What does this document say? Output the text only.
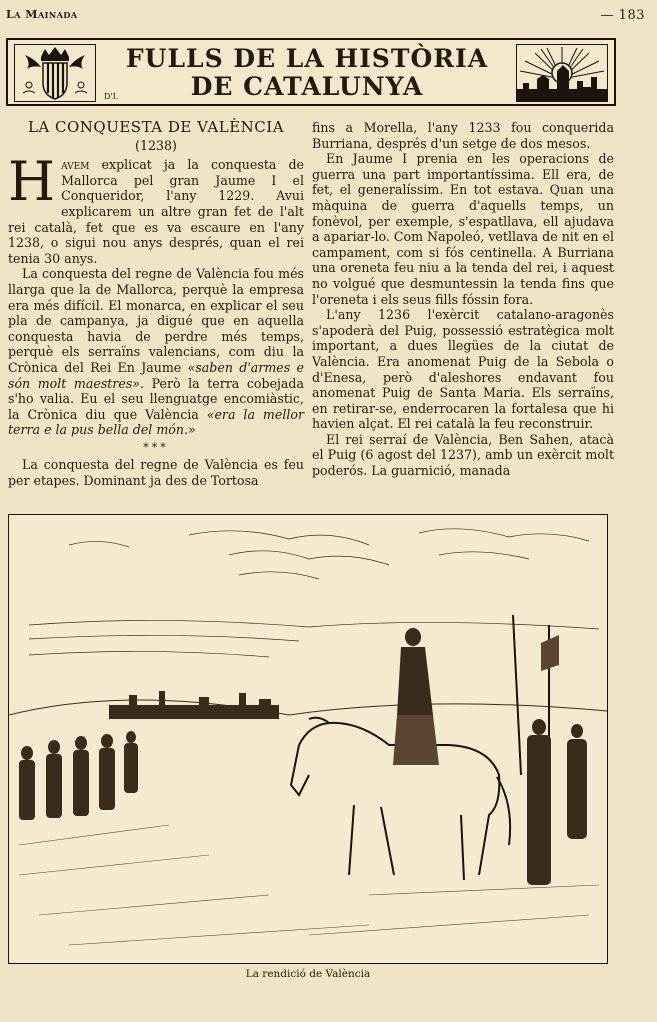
La Mainada	— 183
FULLS DE LA HISTÒRIA
DE CATALUNYA
D'I.
LA CONQUESTA DE VALÈNCIA
(1238)

Havem explicat ja la conquesta de Mallorca pel gran Jaume I el Conqueridor, l'any 1229. Avui explicarem un altre gran fet de l'alt rei català, fet que es va escaure en l'any 1238, o sigui nou anys després, quan el rei tenia 30 anys.

La conquesta del regne de València fou més llarga que la de Mallorca, perquè la empresa era més difícil. El monarca, en explicar el seu pla de campanya, ja digué que en aquella conquesta havia de perdre més temps, perquè els serraïns valencians, com diu la Crònica del Rei En Jaume «saben d'armes e són molt maestres». Però la terra cobejada s'ho valia. Eu el seu llenguatge encomiàstic, la Crònica diu que València «era la mellor terra e la pus bella del món.»

***

La conquesta del regne de València es feu per etapes. Dominant ja des de Tortosa

fins a Morella, l'any 1233 fou conquerida Burriana, després d'un setge de dos mesos.

En Jaume I prenia en les operacions de guerra una part importantíssima. Ell era, de fet, el generalíssim. En tot estava. Quan una màquina de guerra d'aquells temps, un fonèvol, per exemple, s'espatllava, ell ajudava a apariar-lo. Com Napoleó, vetllava de nit en el campament, com si fós centinella. A Burriana una oreneta feu niu a la tenda del rei, i aquest no volgué que desmuntessin la tenda fins que l'oreneta i els seus fills fóssin fora.

L'any 1236 l'exèrcit catalano-aragonès s'apoderà del Puig, possessió estratègica molt important, a dues llegües de la ciutat de València. Era anomenat Puig de la Sebola o d'Enesa, però d'aleshores endavant fou anomenat Puig de Santa Maria. Els serraïns, en retirar-se, enderrocaren la fortalesa que hi havien alçat. El rei català la feu reconstruir.

El rei serraí de València, Ben Sahen, atacà el Puig (6 agost del 1237), amb un exèrcit molt poderós. La guarnició, manada

La rendició de València
